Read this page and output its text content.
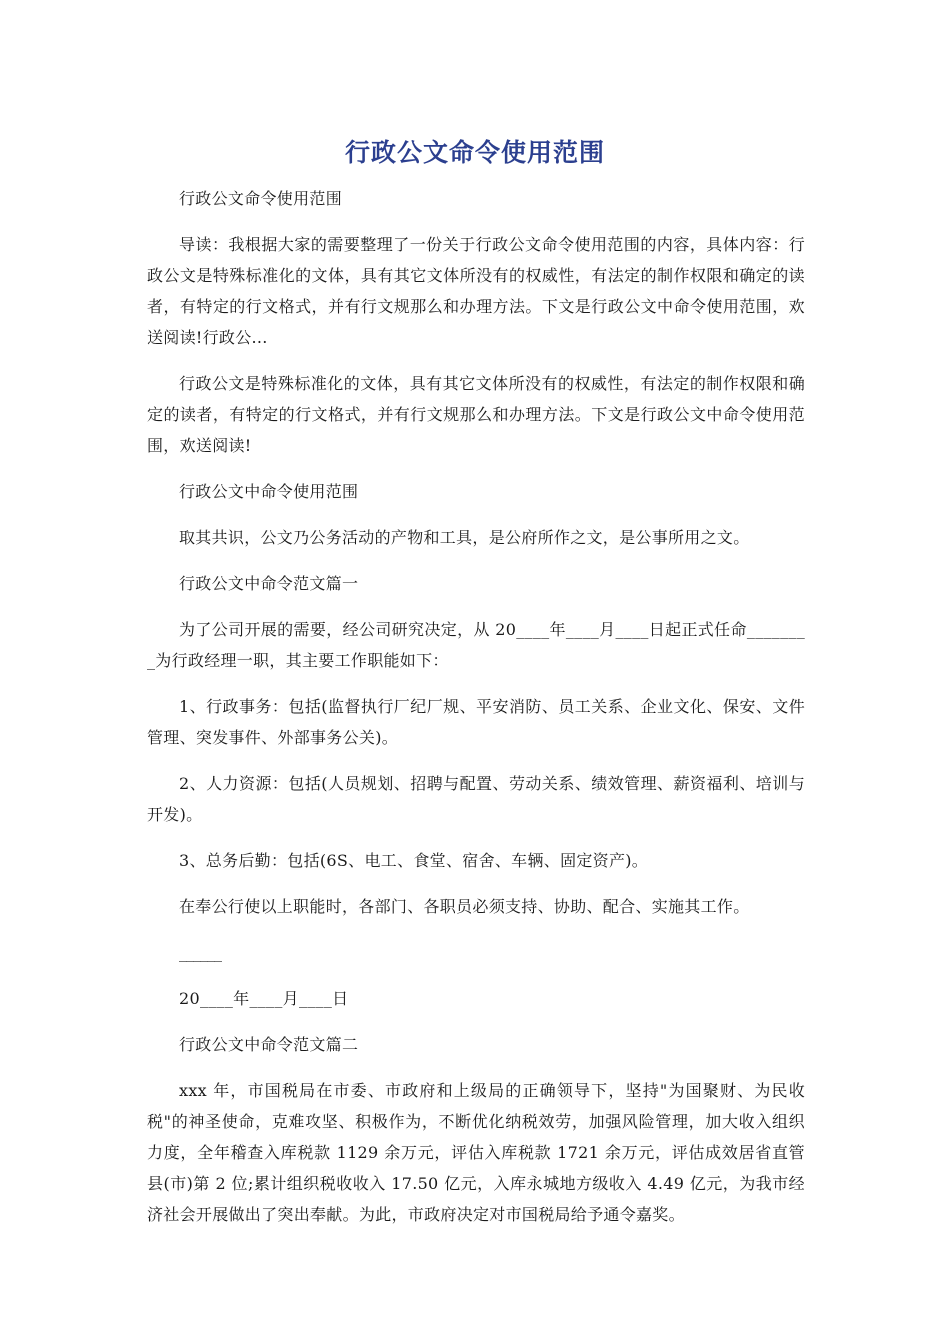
行政公文命令使用范围

行政公文命令使用范围

导读：我根据大家的需要整理了一份关于行政公文命令使用范围的内容，具体内容：行政公文是特殊标准化的文体，具有其它文体所没有的权威性，有法定的制作权限和确定的读者，有特定的行文格式，并有行文规那么和办理方法。下文是行政公文中命令使用范围，欢送阅读!行政公...

行政公文是特殊标准化的文体，具有其它文体所没有的权威性，有法定的制作权限和确定的读者，有特定的行文格式，并有行文规那么和办理方法。下文是行政公文中命令使用范围，欢送阅读!

行政公文中命令使用范围

取其共识，公文乃公务活动的产物和工具，是公府所作之文，是公事所用之文。

行政公文中命令范文篇一

为了公司开展的需要，经公司研究决定，从 20____年____月____日起正式任命________为行政经理一职，其主要工作职能如下：

1、行政事务：包括(监督执行厂纪厂规、平安消防、员工关系、企业文化、保安、文件管理、突发事件、外部事务公关)。

2、人力资源：包括(人员规划、招聘与配置、劳动关系、绩效管理、薪资福利、培训与开发)。

3、总务后勤：包括(6S、电工、食堂、宿舍、车辆、固定资产)。

在奉公行使以上职能时，各部门、各职员必须支持、协助、配合、实施其工作。

______

20____年____月____日

行政公文中命令范文篇二

xxx 年，市国税局在市委、市政府和上级局的正确领导下，坚持"为国聚财、为民收税"的神圣使命，克难攻坚、积极作为，不断优化纳税效劳，加强风险管理，加大收入组织力度，全年稽查入库税款 1129 余万元，评估入库税款 1721 余万元，评估成效居省直管县(市)第 2 位;累计组织税收收入 17.50 亿元，入库永城地方级收入 4.49 亿元，为我市经济社会开展做出了突出奉献。为此，市政府决定对市国税局给予通令嘉奖。
